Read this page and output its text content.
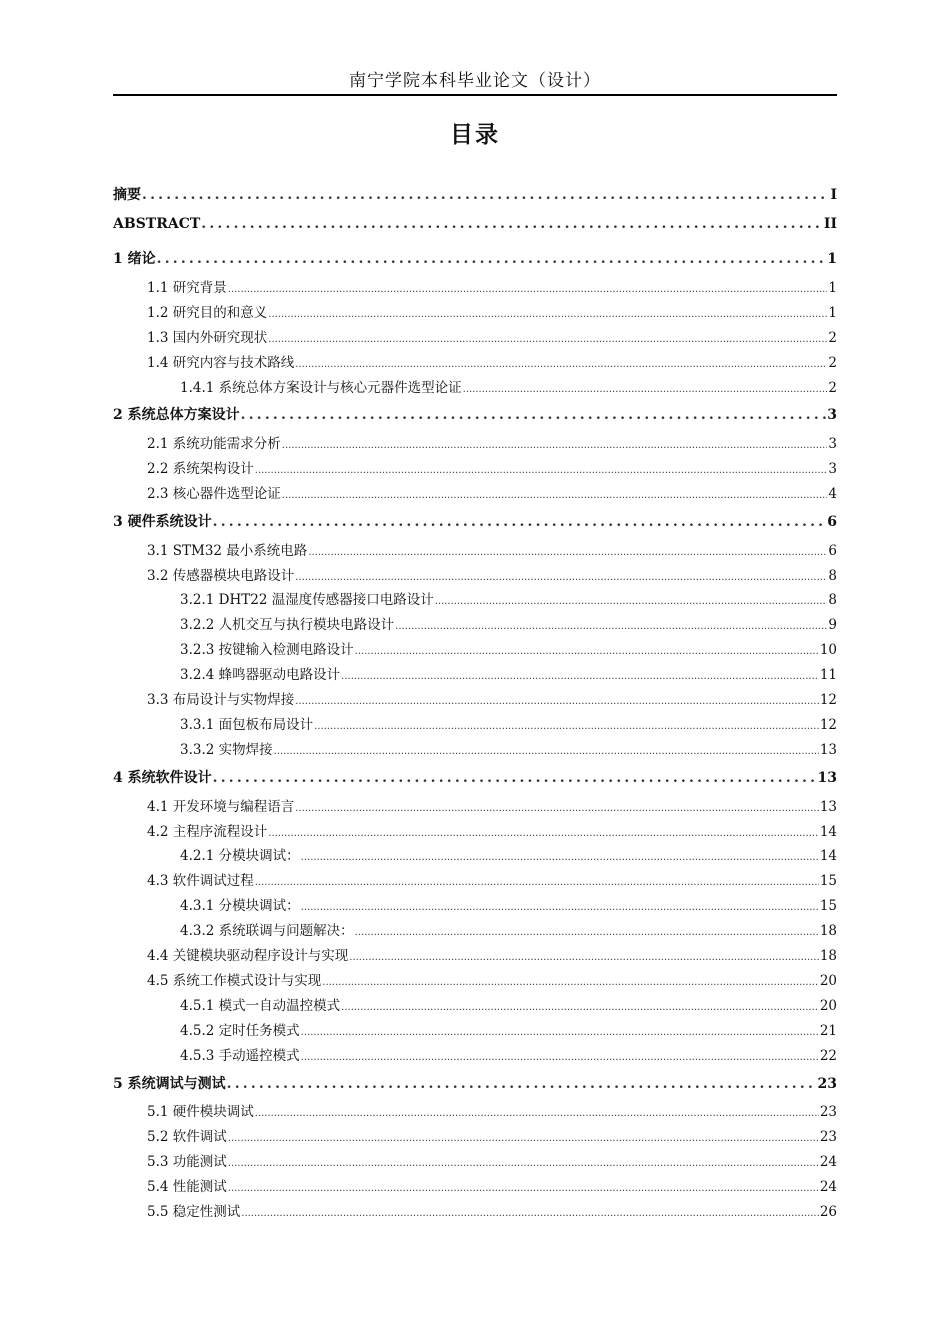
南宁学院本科毕业论文（设计）
目录
摘要 .....	I
ABSTRACT .....	II
1 绪论 .....	1
1.1 研究背景 .....	1
1.2 研究目的和意义 .....	1
1.3 国内外研究现状 .....	2
1.4 研究内容与技术路线 .....	2
1.4.1 系统总体方案设计与核心元器件选型论证 .....	2
2 系统总体方案设计 .....	3
2.1 系统功能需求分析 .....	3
2.2 系统架构设计 .....	3
2.3 核心器件选型论证 .....	4
3 硬件系统设计 .....	6
3.1 STM32 最小系统电路 .....	6
3.2 传感器模块电路设计 .....	8
3.2.1 DHT22 温湿度传感器接口电路设计 .....	8
3.2.2 人机交互与执行模块电路设计 .....	9
3.2.3 按键输入检测电路设计 .....	10
3.2.4 蜂鸣器驱动电路设计 .....	11
3.3 布局设计与实物焊接 .....	12
3.3.1 面包板布局设计 .....	12
3.3.2 实物焊接 .....	13
4 系统软件设计 .....	13
4.1 开发环境与编程语言 .....	13
4.2 主程序流程设计 .....	14
4.2.1 分模块调试： .....	14
4.3 软件调试过程 .....	15
4.3.1 分模块调试： .....	15
4.3.2 系统联调与问题解决： .....	18
4.4 关键模块驱动程序设计与实现 .....	18
4.5 系统工作模式设计与实现 .....	20
4.5.1 模式一自动温控模式 .....	20
4.5.2 定时任务模式 .....	21
4.5.3 手动遥控模式 .....	22
5 系统调试与测试 .....	23
5.1 硬件模块调试 .....	23
5.2 软件调试 .....	23
5.3 功能测试 .....	24
5.4 性能测试 .....	24
5.5 稳定性测试 .....	26
